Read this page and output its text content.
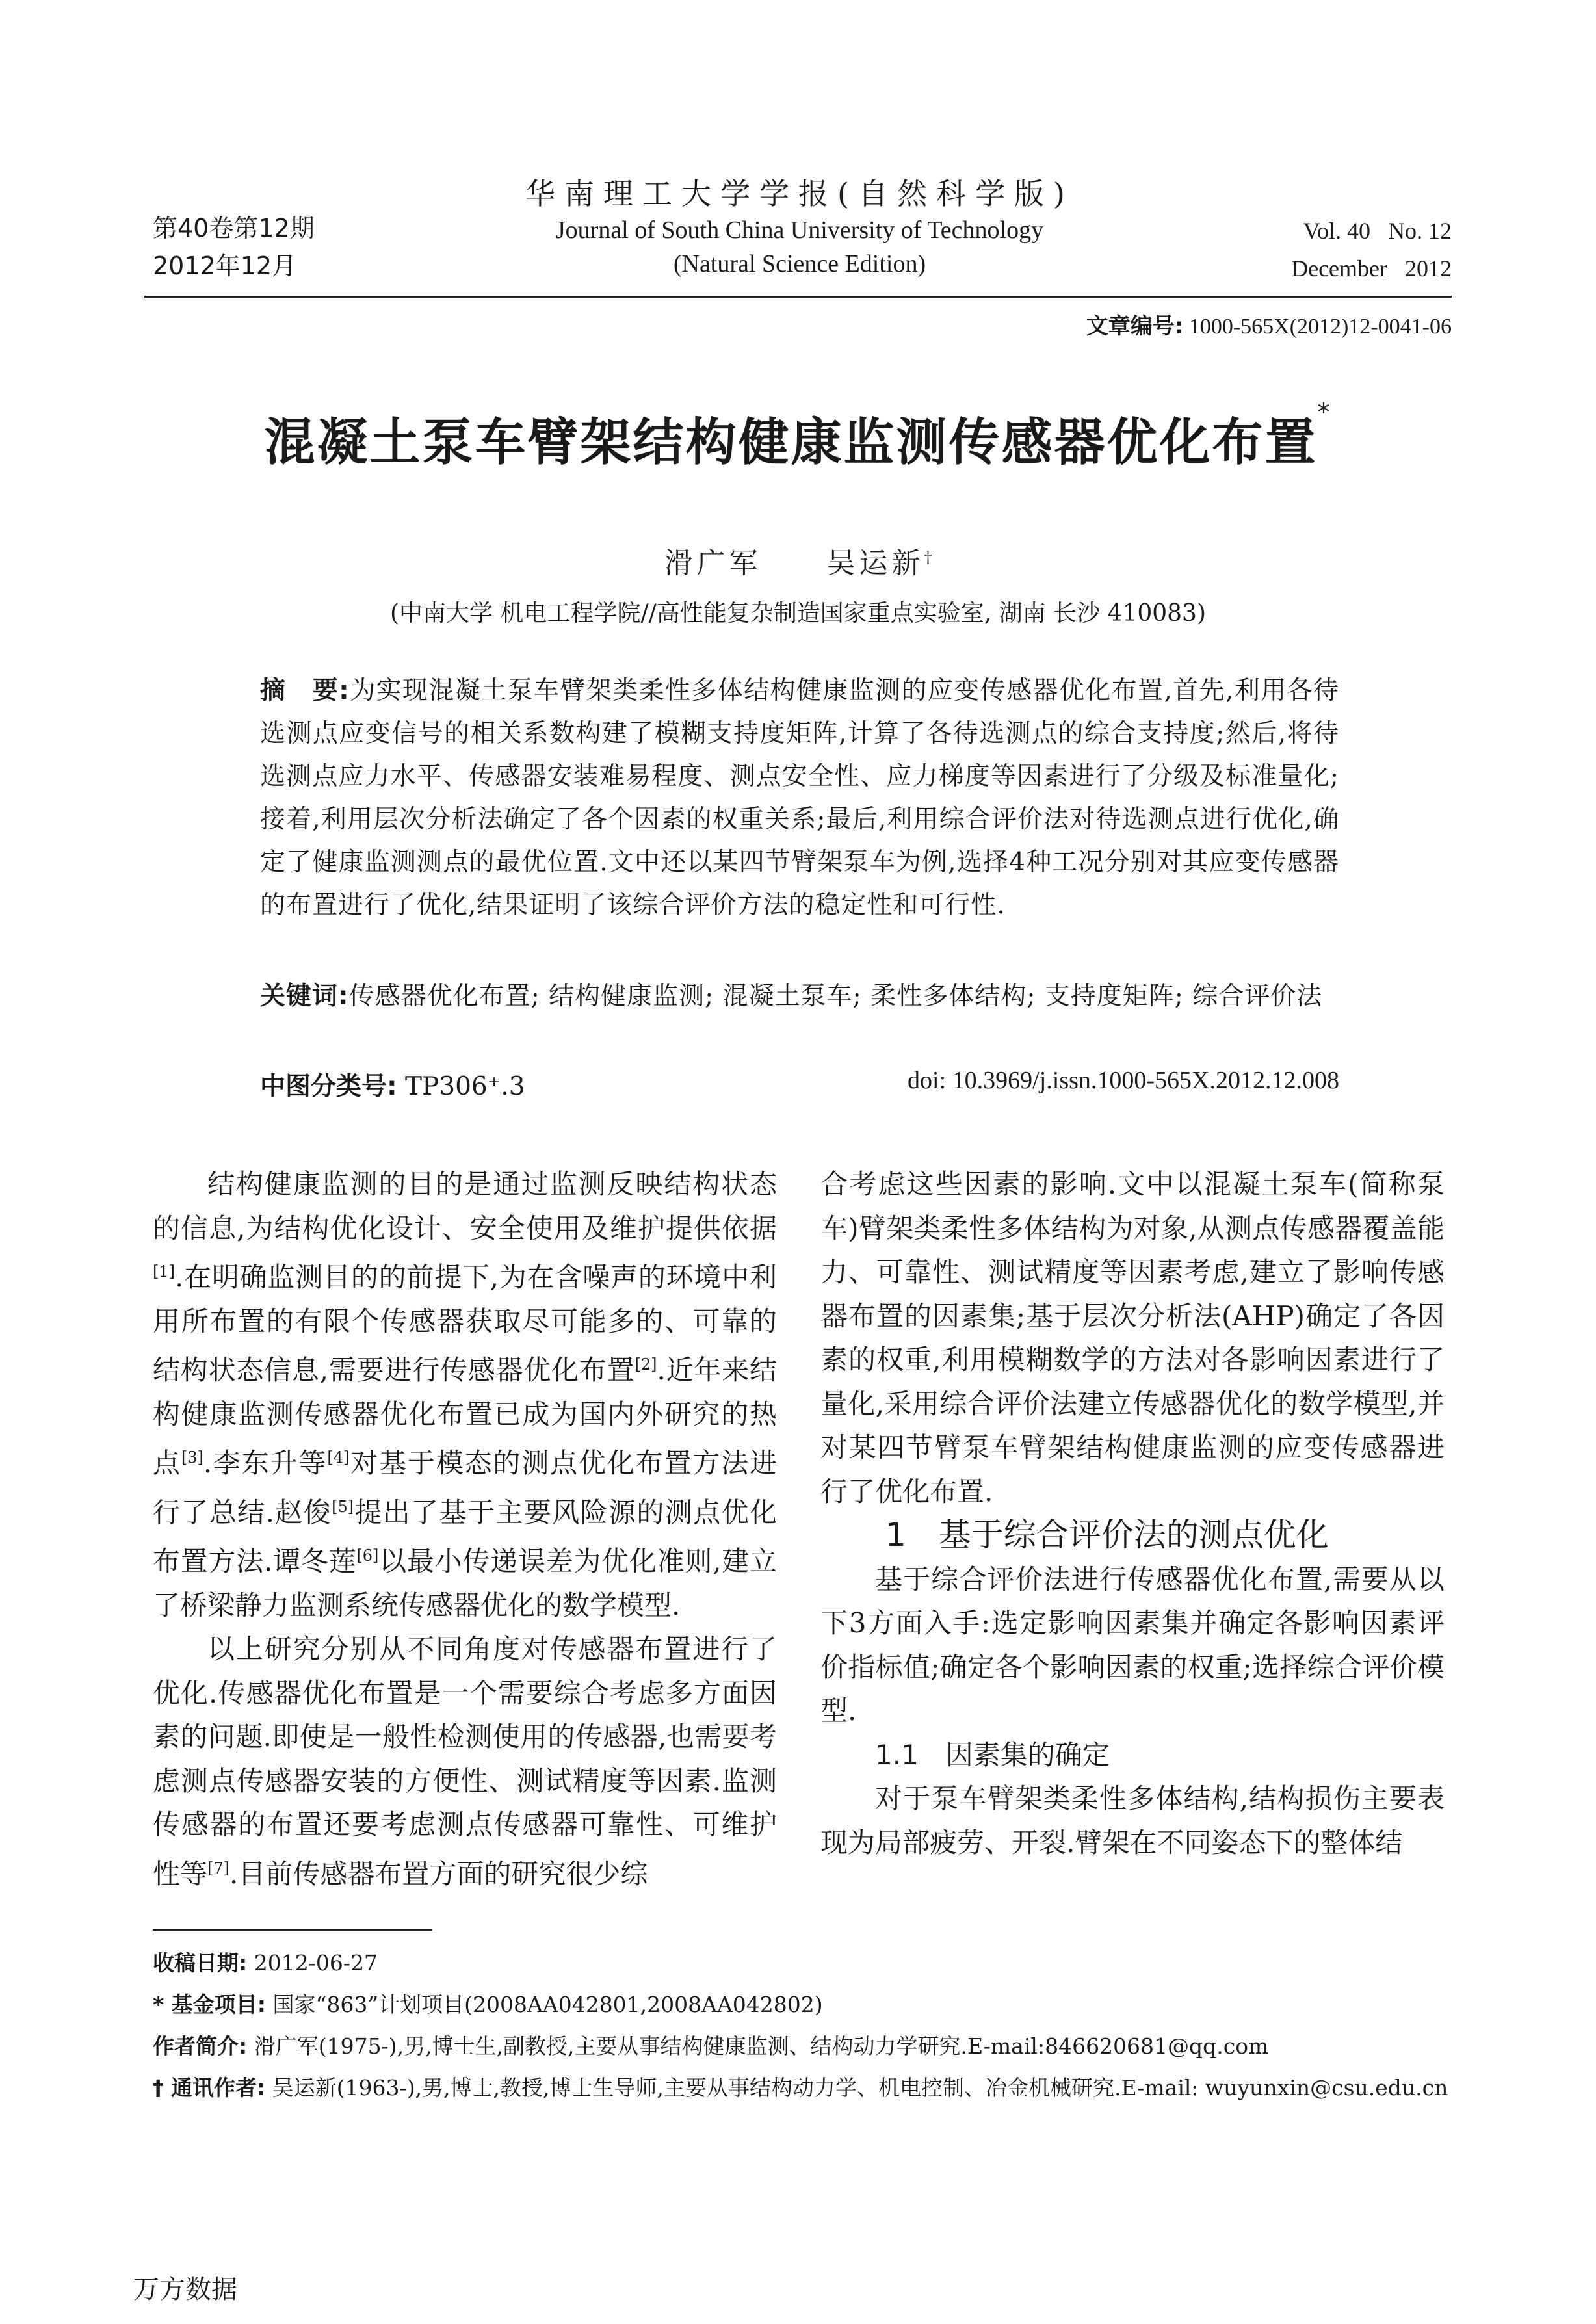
第40卷第12期
2012年12月
华南理工大学学报(自然科学版)
Journal of South China University of Technology
(Natural Science Edition)
Vol. 40   No. 12
December   2012
文章编号: 1000-565X(2012)12-0041-06
混凝土泵车臂架结构健康监测传感器优化布置*
滑广军 吴运新†
(中南大学 机电工程学院//高性能复杂制造国家重点实验室, 湖南 长沙 410083)
摘　要:为实现混凝土泵车臂架类柔性多体结构健康监测的应变传感器优化布置,首先,利用各待选测点应变信号的相关系数构建了模糊支持度矩阵,计算了各待选测点的综合支持度;然后,将待选测点应力水平、传感器安装难易程度、测点安全性、应力梯度等因素进行了分级及标准量化;接着,利用层次分析法确定了各个因素的权重关系;最后,利用综合评价法对待选测点进行优化,确定了健康监测测点的最优位置.文中还以某四节臂架泵车为例,选择4种工况分别对其应变传感器的布置进行了优化,结果证明了该综合评价方法的稳定性和可行性.
关键词:传感器优化布置; 结构健康监测; 混凝土泵车; 柔性多体结构; 支持度矩阵; 综合评价法
中图分类号: TP306⁺.3	doi: 10.3969/j.issn.1000-565X.2012.12.008

结构健康监测的目的是通过监测反映结构状态的信息,为结构优化设计、安全使用及维护提供依据[1].在明确监测目的的前提下,为在含噪声的环境中利用所布置的有限个传感器获取尽可能多的、可靠的结构状态信息,需要进行传感器优化布置[2].近年来结构健康监测传感器优化布置已成为国内外研究的热点[3].李东升等[4]对基于模态的测点优化布置方法进行了总结.赵俊[5]提出了基于主要风险源的测点优化布置方法.谭冬莲[6]以最小传递误差为优化准则,建立了桥梁静力监测系统传感器优化的数学模型.

以上研究分别从不同角度对传感器布置进行了优化.传感器优化布置是一个需要综合考虑多方面因素的问题.即使是一般性检测使用的传感器,也需要考虑测点传感器安装的方便性、测试精度等因素.监测传感器的布置还要考虑测点传感器可靠性、可维护性等[7].目前传感器布置方面的研究很少综

合考虑这些因素的影响.文中以混凝土泵车(简称泵车)臂架类柔性多体结构为对象,从测点传感器覆盖能力、可靠性、测试精度等因素考虑,建立了影响传感器布置的因素集;基于层次分析法(AHP)确定了各因素的权重,利用模糊数学的方法对各影响因素进行了量化,采用综合评价法建立传感器优化的数学模型,并对某四节臂泵车臂架结构健康监测的应变传感器进行了优化布置.

1　基于综合评价法的测点优化

基于综合评价法进行传感器优化布置,需要从以下3方面入手:选定影响因素集并确定各影响因素评价指标值;确定各个影响因素的权重;选择综合评价模型.

1.1　因素集的确定

对于泵车臂架类柔性多体结构,结构损伤主要表现为局部疲劳、开裂.臂架在不同姿态下的整体结

收稿日期: 2012-06-27
* 基金项目: 国家“863”计划项目(2008AA042801,2008AA042802)
作者简介: 滑广军(1975-),男,博士生,副教授,主要从事结构健康监测、结构动力学研究.E-mail:846620681@qq.com
† 通讯作者: 吴运新(1963-),男,博士,教授,博士生导师,主要从事结构动力学、机电控制、冶金机械研究.E-mail: wuyunxin@csu.edu.cn
万方数据
